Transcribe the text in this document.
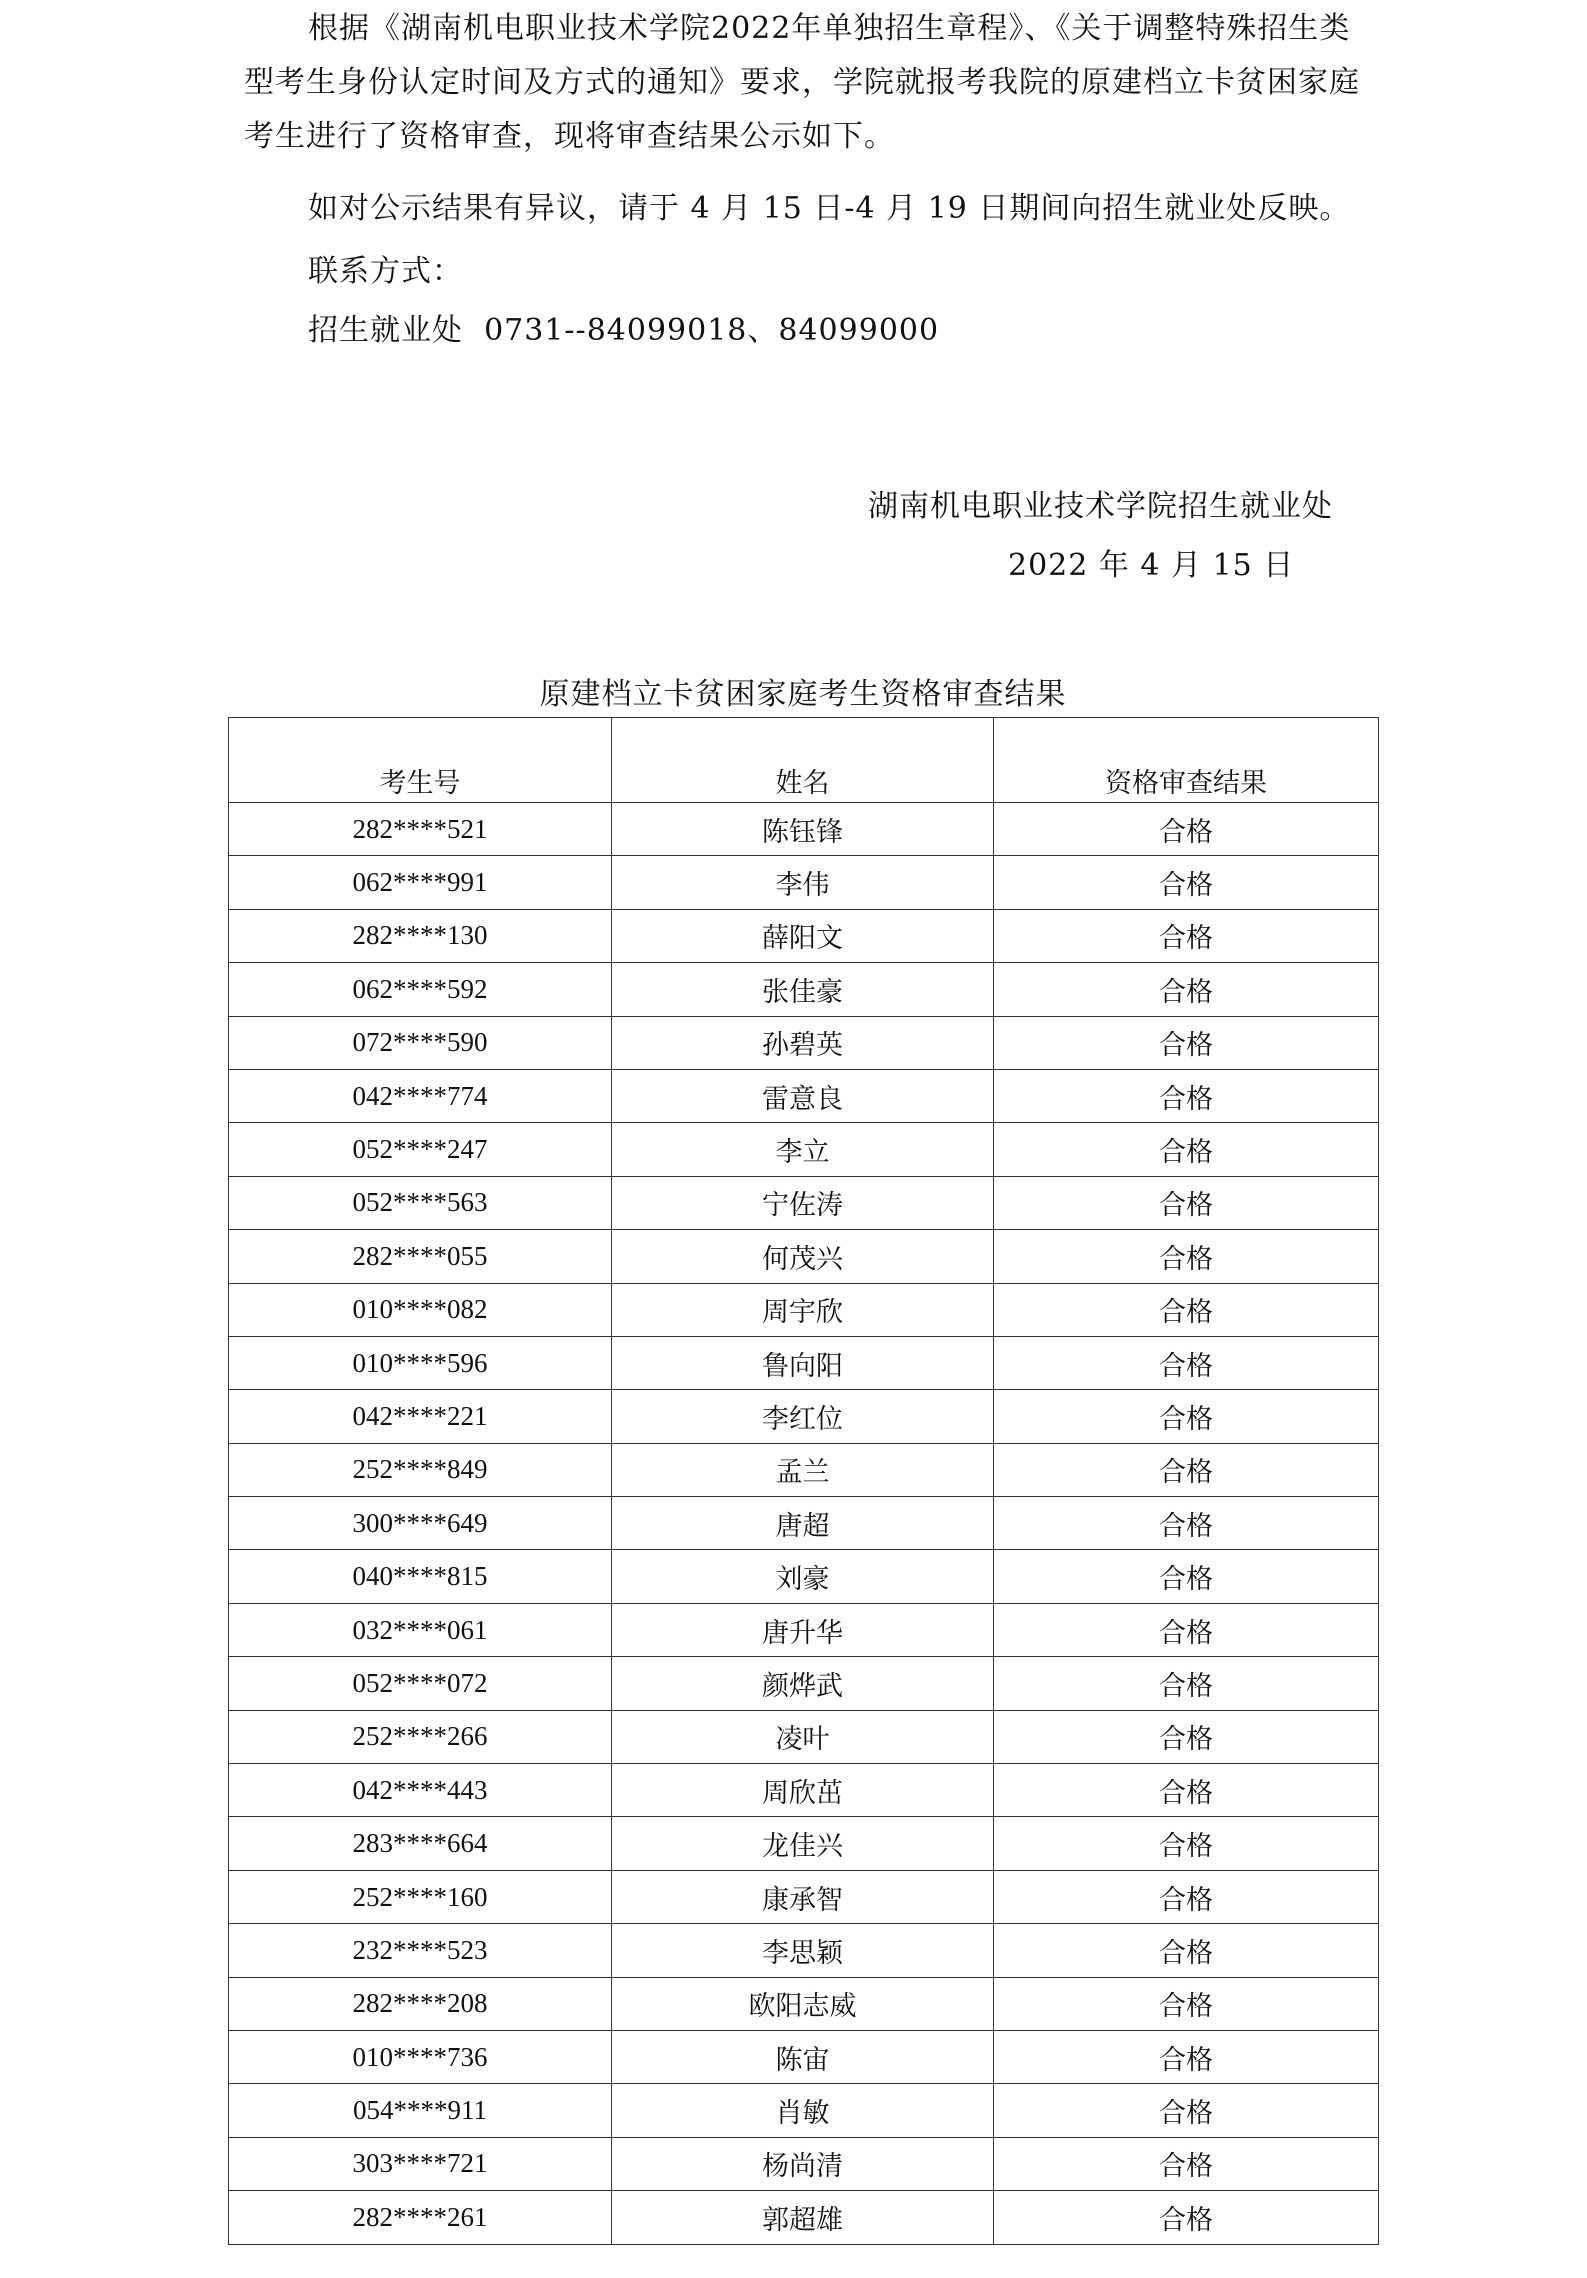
根据《湖南机电职业技术学院2022年单独招生章程》、《关于调整特殊招生类型考生身份认定时间及方式的通知》要求，学院就报考我院的原建档立卡贫困家庭考生进行了资格审查，现将审查结果公示如下。

如对公示结果有异议，请于 4 月 15 日-4 月 19 日期间向招生就业处反映。

联系方式：

招生就业处  0731--84099018、84099000

湖南机电职业技术学院招生就业处

2022 年 4 月 15 日

原建档立卡贫困家庭考生资格审查结果
考生号	姓名	资格审查结果
282****521	陈钰锋	合格
062****991	李伟	合格
282****130	薛阳文	合格
062****592	张佳豪	合格
072****590	孙碧英	合格
042****774	雷意良	合格
052****247	李立	合格
052****563	宁佐涛	合格
282****055	何茂兴	合格
010****082	周宇欣	合格
010****596	鲁向阳	合格
042****221	李红位	合格
252****849	孟兰	合格
300****649	唐超	合格
040****815	刘豪	合格
032****061	唐升华	合格
052****072	颜烨武	合格
252****266	凌叶	合格
042****443	周欣茁	合格
283****664	龙佳兴	合格
252****160	康承智	合格
232****523	李思颖	合格
282****208	欧阳志威	合格
010****736	陈宙	合格
054****911	肖敏	合格
303****721	杨尚清	合格
282****261	郭超雄	合格
